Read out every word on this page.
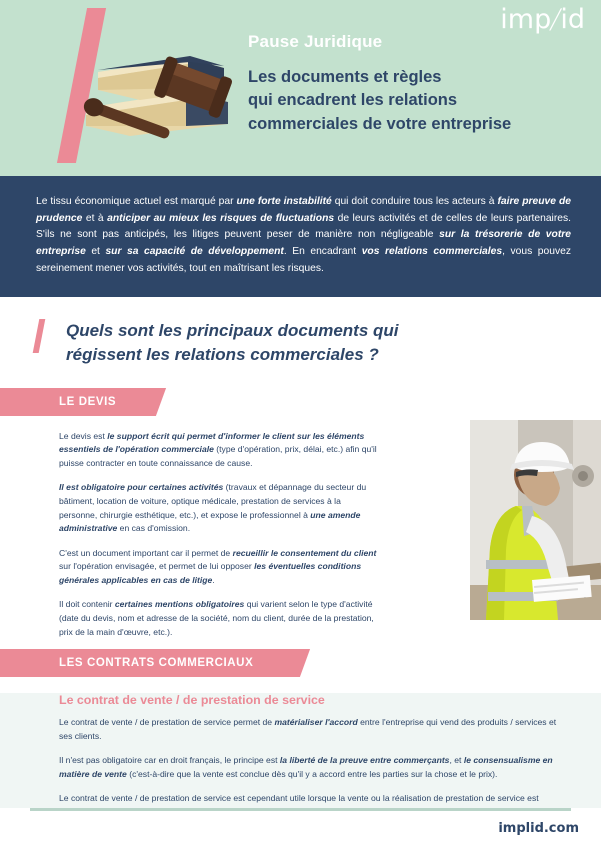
imp/id

Pause Juridique

Les documents et règles
qui encadrent les relations
commerciales de votre entreprise

Le tissu économique actuel est marqué par une forte instabilité qui doit conduire tous les acteurs à faire preuve de prudence et à anticiper au mieux les risques de fluctuations de leurs activités et de celles de leurs partenaires. S'ils ne sont pas anticipés, les litiges peuvent peser de manière non négligeable sur la trésorerie de votre entreprise et sur sa capacité de développement. En encadrant vos relations commerciales, vous pouvez sereinement mener vos activités, tout en maîtrisant les risques.

Quels sont les principaux documents qui
régissent les relations commerciales ?
LE DEVIS

Le devis est le support écrit qui permet d'informer le client sur les éléments essentiels de l'opération commerciale (type d'opération, prix, délai, etc.) afin qu'il puisse contracter en toute connaissance de cause.

Il est obligatoire pour certaines activités (travaux et dépannage du secteur du bâtiment, location de voiture, optique médicale, prestation de services à la personne, chirurgie esthétique, etc.), et expose le professionnel à une amende administrative en cas d'omission.

C'est un document important car il permet de recueillir le consentement du client sur l'opération envisagée, et permet de lui opposer les éventuelles conditions générales applicables en cas de litige.

Il doit contenir certaines mentions obligatoires qui varient selon le type d'activité (date du devis, nom et adresse de la société, nom du client, durée de la prestation, prix de la main d'œuvre, etc.).

LES CONTRATS COMMERCIAUX
Le contrat de vente / de prestation de service

Le contrat de vente / de prestation de service permet de matérialiser l'accord entre l'entreprise qui vend des produits / services et ses clients.

Il n'est pas obligatoire car en droit français, le principe est la liberté de la preuve entre commerçants, et le consensualisme en matière de vente (c'est-à-dire que la vente est conclue dès qu'il y a accord entre les parties sur la chose et le prix).

Le contrat de vente / de prestation de service est cependant utile lorsque la vente ou la réalisation de prestation de service est

implid.com
